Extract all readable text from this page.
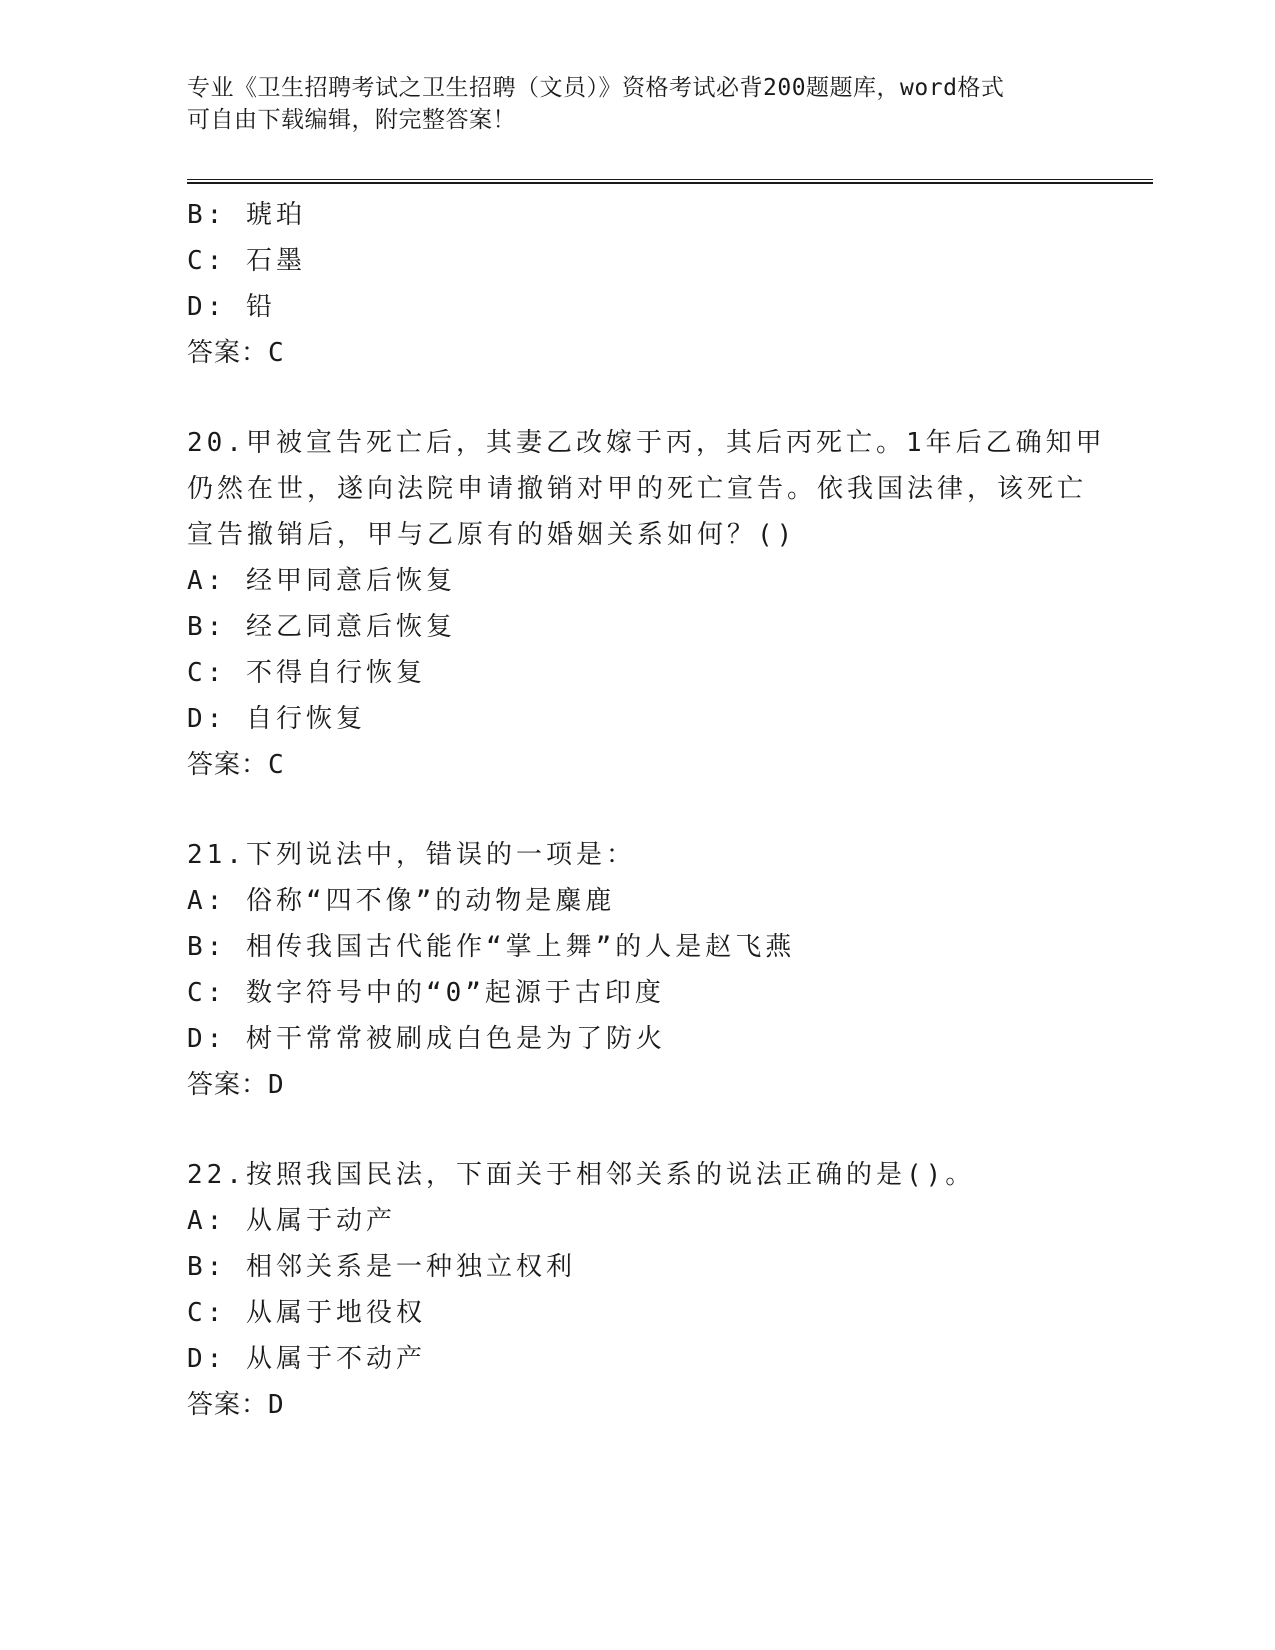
专业《卫生招聘考试之卫生招聘（文员）》资格考试必背200题题库，word格式
可自由下载编辑，附完整答案！
B: 琥珀
C: 石墨
D: 铅
答案：C
20.甲被宣告死亡后，其妻乙改嫁于丙，其后丙死亡。1年后乙确知甲
仍然在世，遂向法院申请撤销对甲的死亡宣告。依我国法律，该死亡
宣告撤销后，甲与乙原有的婚姻关系如何？()
A: 经甲同意后恢复
B: 经乙同意后恢复
C: 不得自行恢复
D: 自行恢复
答案：C
21.下列说法中，错误的一项是：
A: 俗称“四不像”的动物是麋鹿
B: 相传我国古代能作“掌上舞”的人是赵飞燕
C: 数字符号中的“0”起源于古印度
D: 树干常常被刷成白色是为了防火
答案：D
22.按照我国民法，下面关于相邻关系的说法正确的是()。
A: 从属于动产
B: 相邻关系是一种独立权利
C: 从属于地役权
D: 从属于不动产
答案：D
